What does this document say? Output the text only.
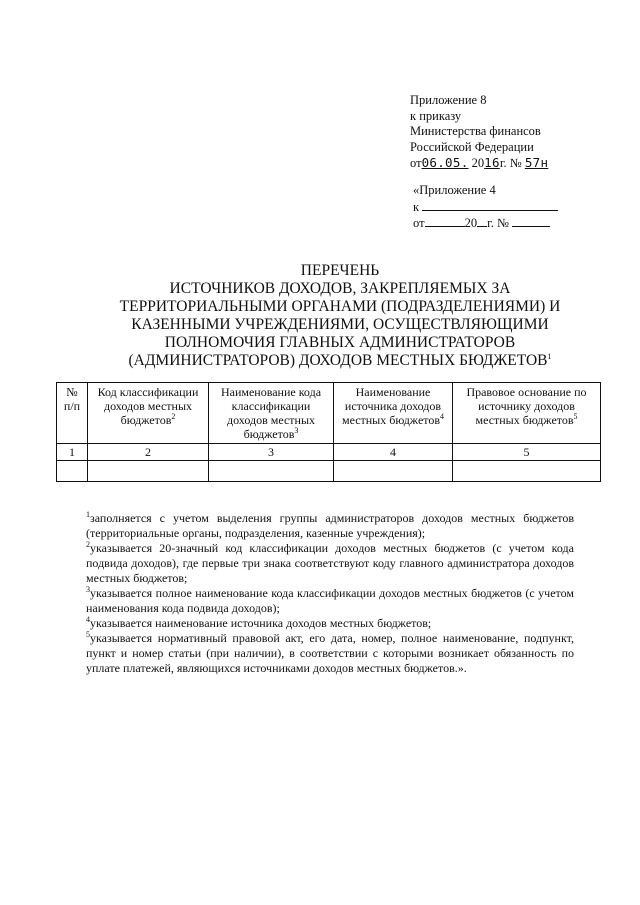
Приложение 8
к приказу
Министерства финансов
Российской Федерации
от06.05. 2016г. № 57н
«Приложение 4
к
от	20 г. №
ПЕРЕЧЕНЬ
ИСТОЧНИКОВ ДОХОДОВ, ЗАКРЕПЛЯЕМЫХ ЗА
ТЕРРИТОРИАЛЬНЫМИ ОРГАНАМИ (ПОДРАЗДЕЛЕНИЯМИ) И
КАЗЕННЫМИ УЧРЕЖДЕНИЯМИ, ОСУЩЕСТВЛЯЮЩИМИ
ПОЛНОМОЧИЯ ГЛАВНЫХ АДМИНИСТРАТОРОВ
(АДМИНИСТРАТОРОВ) ДОХОДОВ МЕСТНЫХ БЮДЖЕТОВ$^1$
№ п/п	Код классификации доходов местных бюджетов$^2$	Наименование кода классификации доходов местных бюджетов$^3$	Наименование источника доходов местных бюджетов$^4$	Правовое основание по источнику доходов местных бюджетов$^5$
1	2	3	4	5

$^1$заполняется с учетом выделения группы администраторов доходов местных бюджетов (территориальные органы, подразделения, казенные учреждения);

$^2$указывается 20-значный код классификации доходов местных бюджетов (с учетом кода подвида доходов), где первые три знака соответствуют коду главного администратора доходов местных бюджетов;

$^3$указывается полное наименование кода классификации доходов местных бюджетов (с учетом наименования кода подвида доходов);

$^4$указывается наименование источника доходов местных бюджетов;

$^5$указывается нормативный правовой акт, его дата, номер, полное наименование, подпункт, пункт и номер статьи (при наличии), в соответствии с которыми возникает обязанность по уплате платежей, являющихся источниками доходов местных бюджетов.».
